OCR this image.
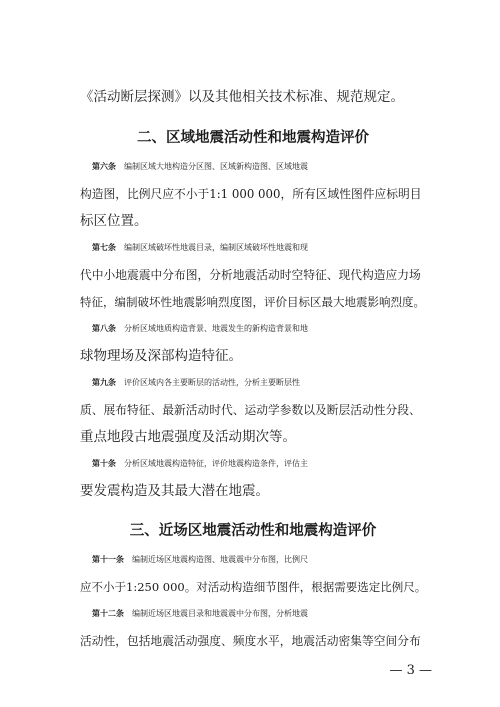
《活动断层探测》以及其他相关技术标准、规范规定。
二、区域地震活动性和地震构造评价
第六条　 编制区域大地构造分区图、区域新构造图、区域地震
构造图，比例尺应不小于1:1 000 000，所有区域性图件应标明目
标区位置。
第七条　 编制区域破坏性地震目录，编制区域破坏性地震和现
代中小地震震中分布图，分析地震活动时空特征、现代构造应力场
特征，编制破坏性地震影响烈度图，评价目标区最大地震影响烈度。
第八条　 分析区域地质构造背景、地震发生的新构造背景和地
球物理场及深部构造特征。
第九条　 评价区域内各主要断层的活动性，分析主要断层性
质、展布特征、最新活动时代、运动学参数以及断层活动性分段、
重点地段古地震强度及活动期次等。
第十条　 分析区域地震构造特征，评价地震构造条件，评估主
要发震构造及其最大潜在地震。
三、近场区地震活动性和地震构造评价
第十一条　 编制近场区地震构造图、地震震中分布图，比例尺
应不小于1:250 000。对活动构造细节图件，根据需要选定比例尺。
第十二条　 编制近场区地震目录和地震震中分布图，分析地震
活动性，包括地震活动强度、频度水平，地震活动密集等空间分布
— 3 —
